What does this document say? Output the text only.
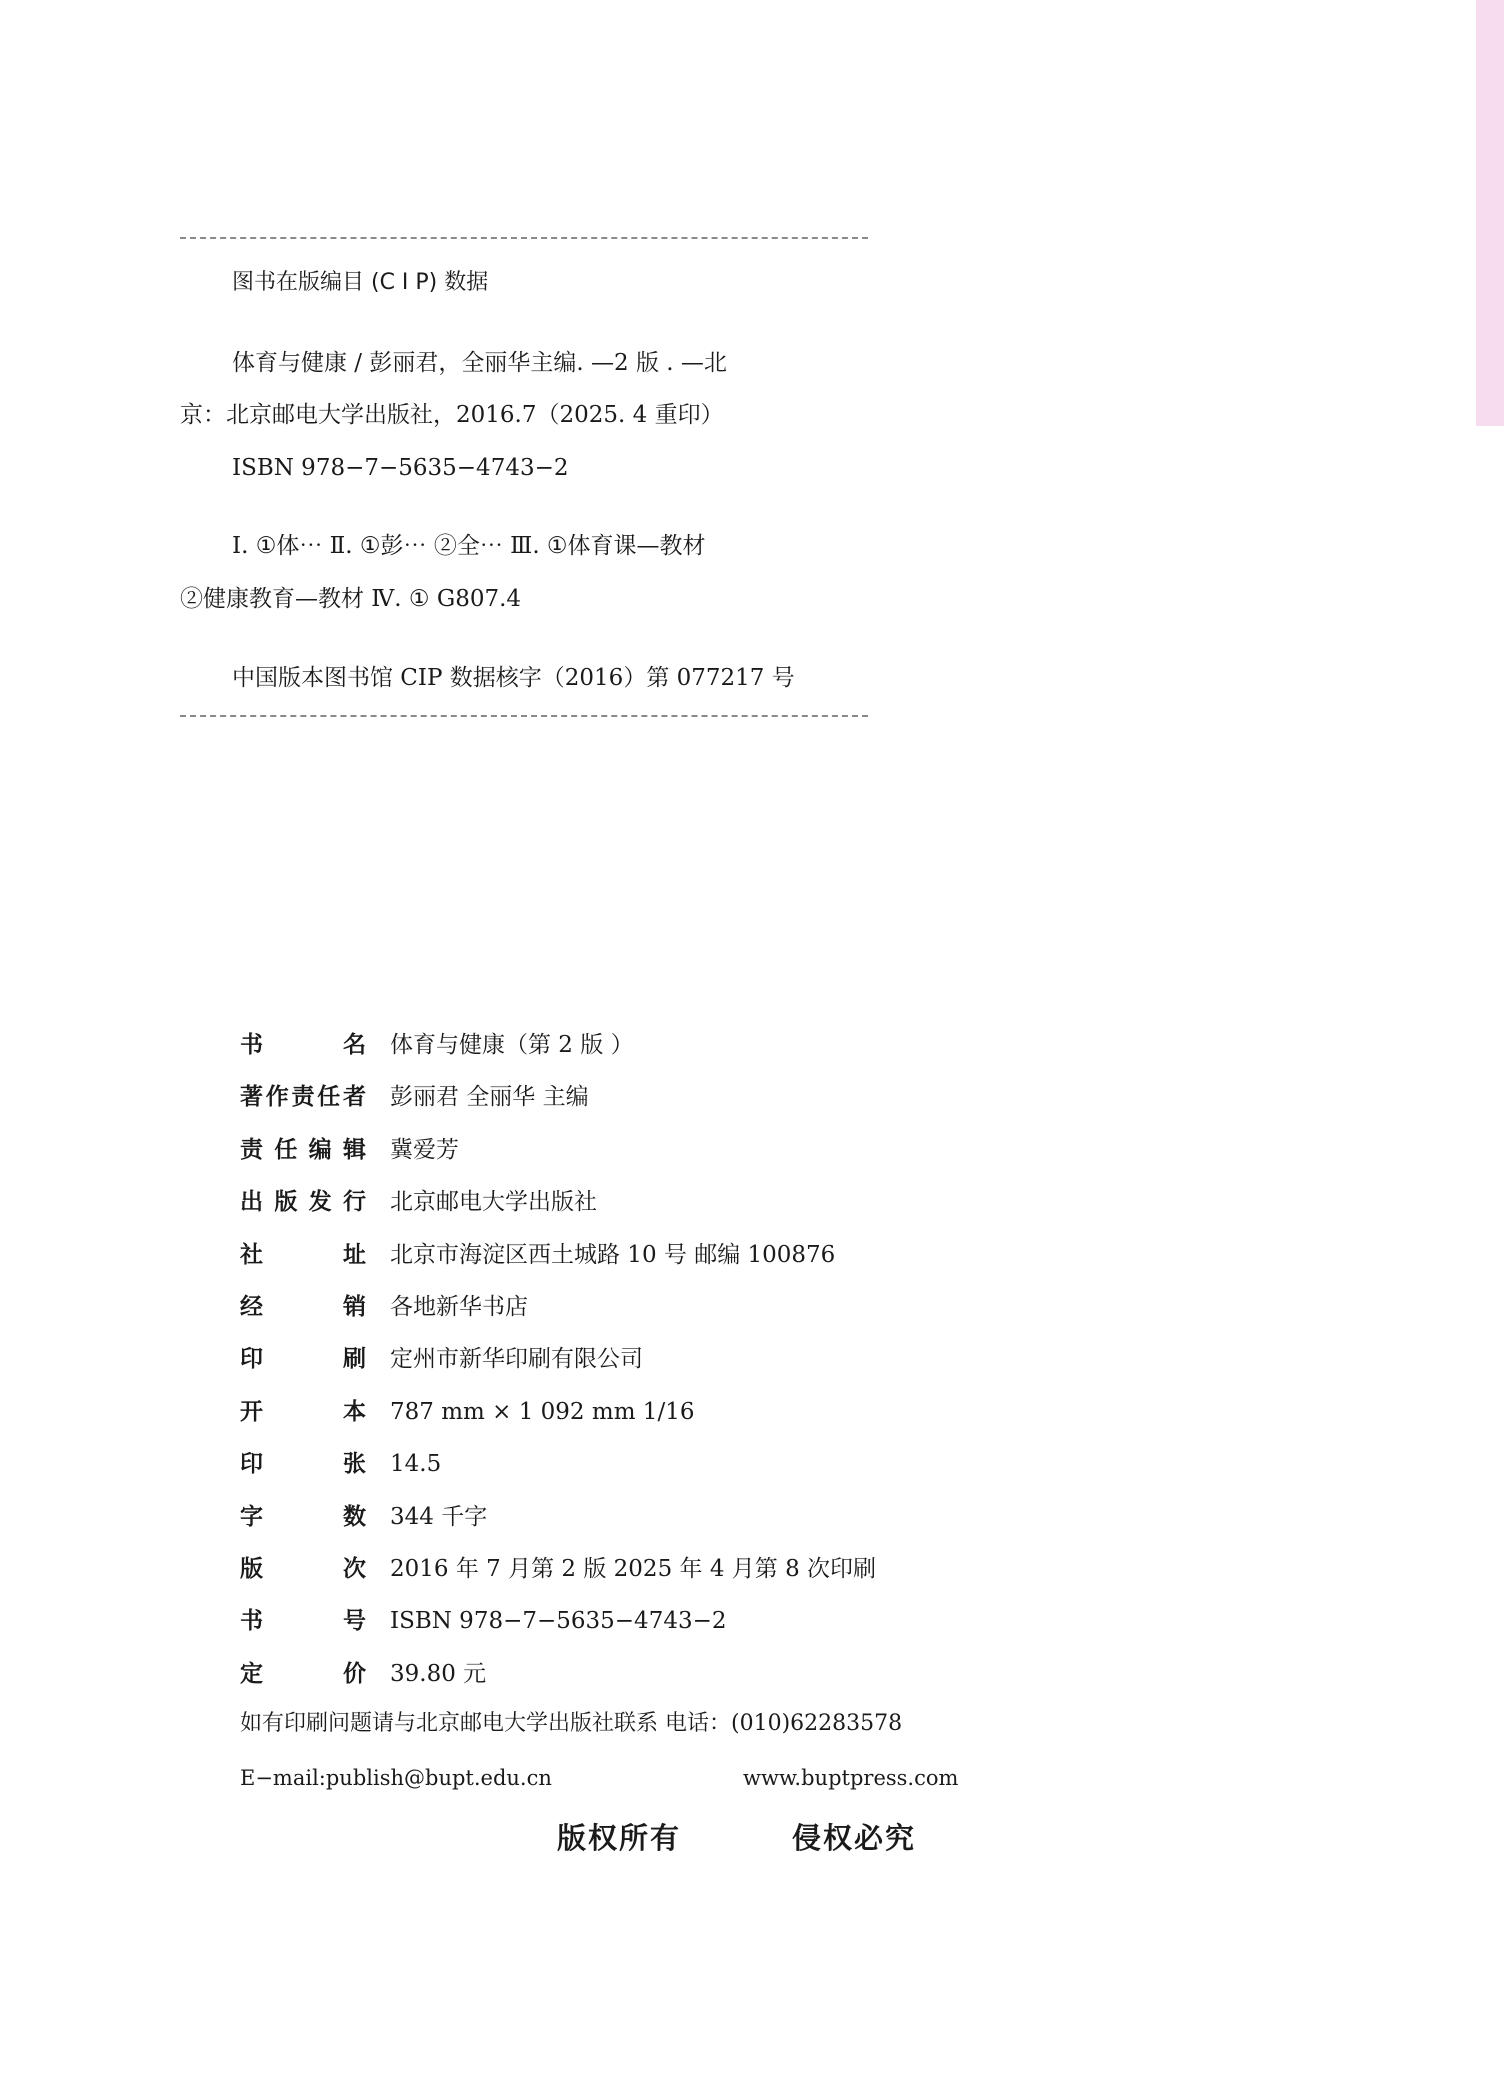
图书在版编目 (C I P) 数据
体育与健康 / 彭丽君，全丽华主编. —2 版 . —北
京：北京邮电大学出版社，2016.7（2025. 4 重印）
ISBN 978−7−5635−4743−2
Ⅰ. ①体⋯ Ⅱ. ①彭⋯ ②全⋯ Ⅲ. ①体育课—教材
②健康教育—教材 Ⅳ. ① G807.4
中国版本图书馆 CIP 数据核字（2016）第 077217 号
书	名 体育与健康（第 2 版 ）
著 作 责 任 者 彭丽君 全丽华 主编
责 任 编 辑 冀爱芳
出 版 发 行 北京邮电大学出版社
社	址 北京市海淀区西土城路 10 号 邮编 100876
经	销 各地新华书店
印	刷 定州市新华印刷有限公司
开	本 787 mm × 1 092 mm 1/16
印	张 14.5
字	数 344 千字
版	次 2016 年 7 月第 2 版 2025 年 4 月第 8 次印刷
书	号 ISBN 978−7−5635−4743−2
定	价 39.80 元
如有印刷问题请与北京邮电大学出版社联系 电话：(010)62283578
E−mail:publish@bupt.edu.cn	www.buptpress.com
版权所有	侵权必究
